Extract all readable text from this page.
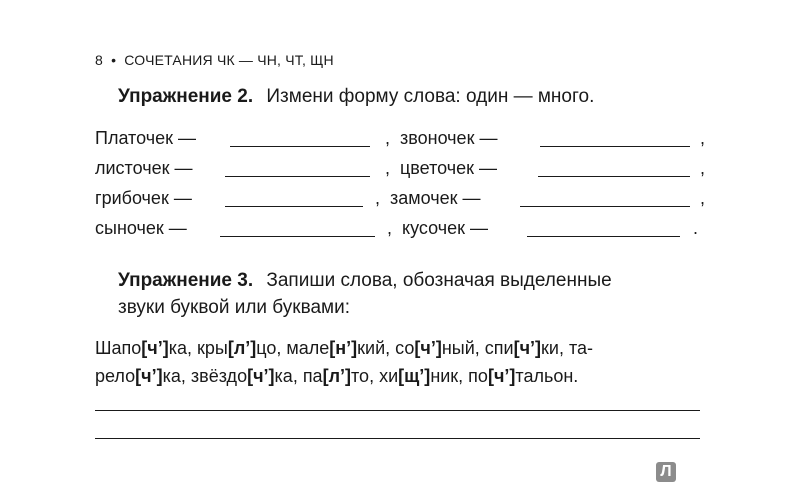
8 • СОЧЕТАНИЯ ЧК — ЧН, ЧТ, ЩН
Упражнение 2. Измени форму слова: один — много.
Платочек —	, звоночек —	,
листочек —	, цветочек —	,
грибочек —	, замочек —	,
сыночек —	, кусочек —	.
Упражнение 3. Запиши слова, обозначая выделенные
звуки буквой или буквами:
Шапо[ч’]ка, кры[л’]цо, мале[н’]кий, со[ч’]ный, спи[ч’]ки, та-
рело[ч’]ка, звёздо[ч’]ка, па[л’]то, хи[щ’]ник, по[ч’]тальон.
Л
